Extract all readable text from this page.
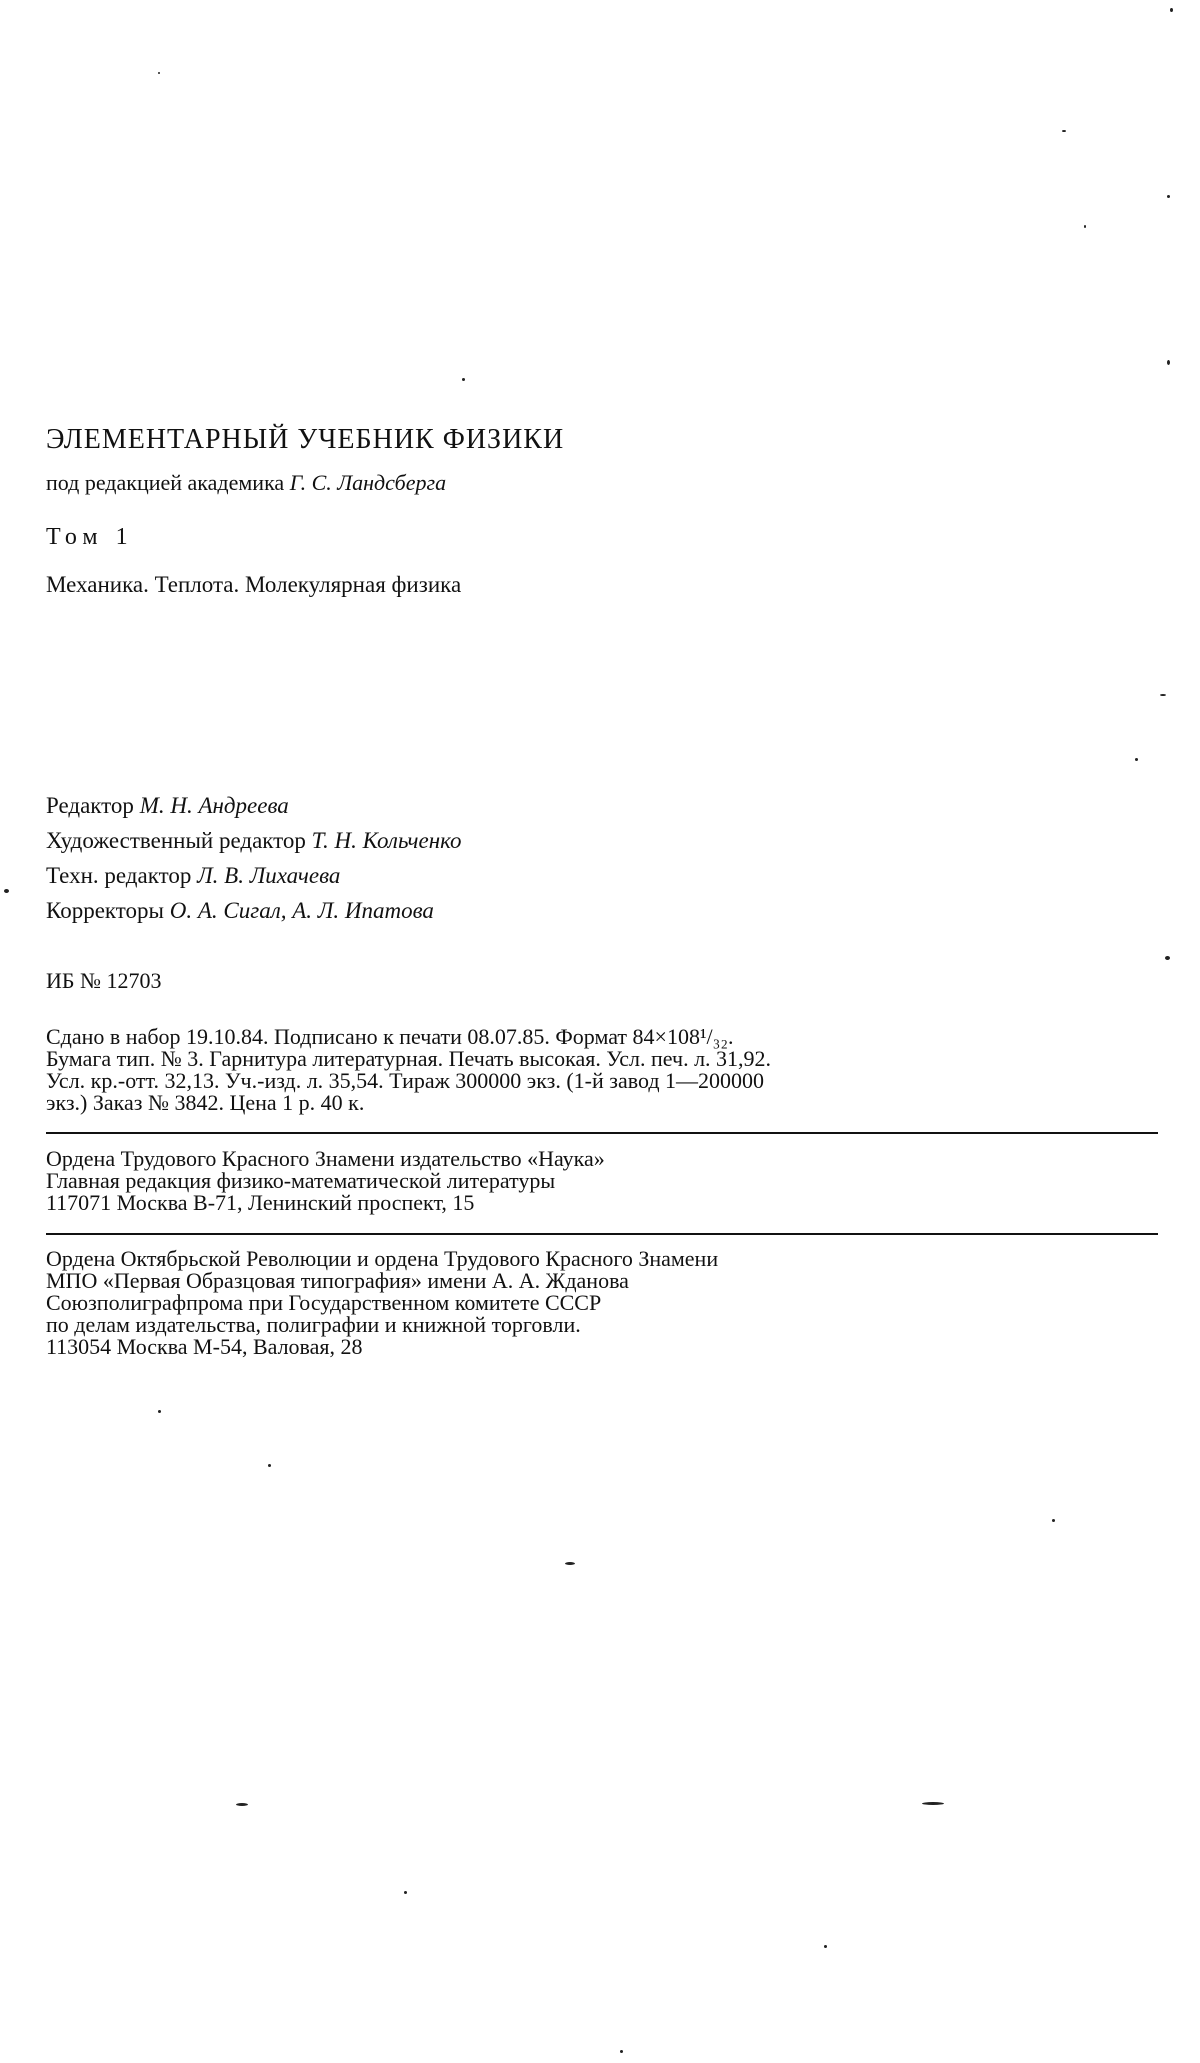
ЭЛЕМЕНТАРНЫЙ УЧЕБНИК ФИЗИКИ
под редакцией академика Г. С. Ландсберга
Том 1
Механика. Теплота. Молекулярная физика
Редактор М. Н. Андреева
Художественный редактор Т. Н. Кольченко
Техн. редактор Л. В. Лихачева
Корректоры О. А. Сигал, А. Л. Ипатова
ИБ № 12703
Сдано в набор 19.10.84. Подписано к печати 08.07.85. Формат 84×108¹/₃₂.
Бумага тип. № 3. Гарнитура литературная. Печать высокая. Усл. печ. л. 31,92.
Усл. кр.-отт. 32,13. Уч.-изд. л. 35,54. Тираж 300000 экз. (1-й завод 1—200000
экз.) Заказ № 3842. Цена 1 р. 40 к.
Ордена Трудового Красного Знамени издательство «Наука»
Главная редакция физико-математической литературы
117071 Москва В-71, Ленинский проспект, 15
Ордена Октябрьской Революции и ордена Трудового Красного Знамени
МПО «Первая Образцовая типография» имени А. А. Жданова
Союзполиграфпрома при Государственном комитете СССР
по делам издательства, полиграфии и книжной торговли.
113054 Москва М-54, Валовая, 28
